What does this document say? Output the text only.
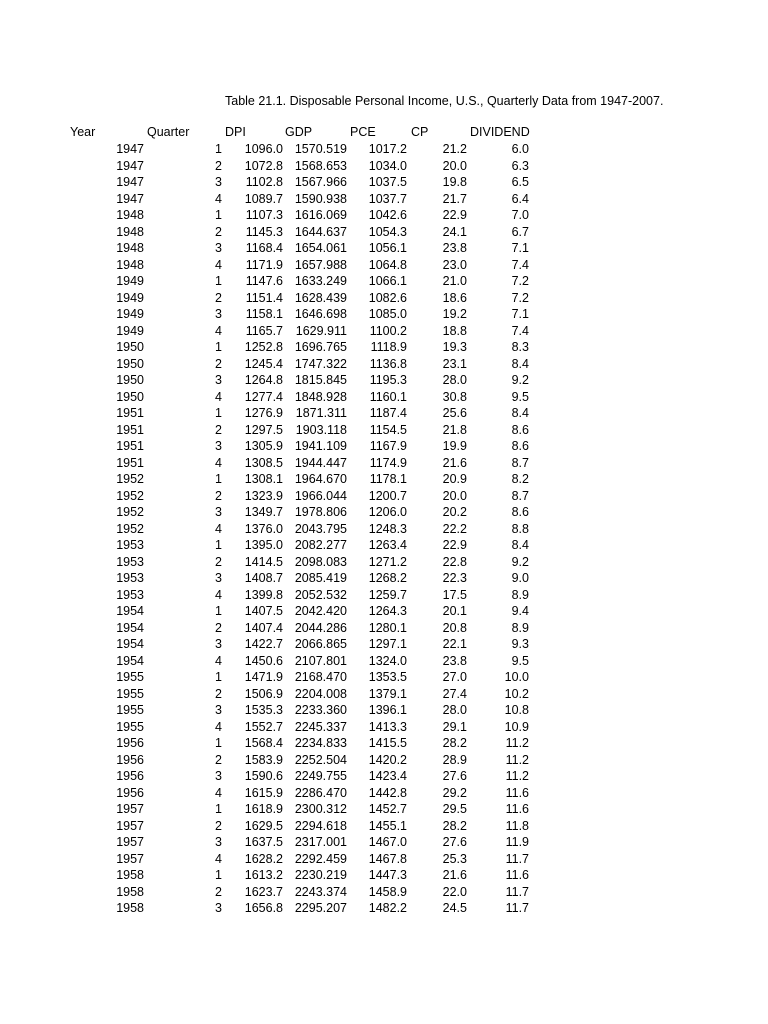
Table 21.1. Disposable Personal Income, U.S., Quarterly Data from 1947-2007.
Year	Quarter	DPI	GDP	PCE	CP	DIVIDEND
1947	1	1096.0 1570.519	1017.2	21.2	6.0
1947	2	1072.8 1568.653	1034.0	20.0	6.3
1947	3	1102.8 1567.966	1037.5	19.8	6.5
1947	4	1089.7 1590.938	1037.7	21.7	6.4
1948	1	1107.3 1616.069	1042.6	22.9	7.0
1948	2	1145.3 1644.637	1054.3	24.1	6.7
1948	3	1168.4 1654.061	1056.1	23.8	7.1
1948	4	1171.9 1657.988	1064.8	23.0	7.4
1949	1	1147.6 1633.249	1066.1	21.0	7.2
1949	2	1151.4 1628.439	1082.6	18.6	7.2
1949	3	1158.1 1646.698	1085.0	19.2	7.1
1949	4	1165.7	1629.911	1100.2	18.8	7.4
1950	1	1252.8 1696.765	1118.9	19.3	8.3
1950	2	1245.4 1747.322	1136.8	23.1	8.4
1950	3	1264.8 1815.845	1195.3	28.0	9.2
1950	4	1277.4 1848.928	1160.1	30.8	9.5
1951	1	1276.9	1871.311	1187.4	25.6	8.4
1951	2	1297.5	1903.118	1154.5	21.8	8.6
1951	3	1305.9 1941.109	1167.9	19.9	8.6
1951	4	1308.5 1944.447	1174.9	21.6	8.7
1952	1	1308.1 1964.670	1178.1	20.9	8.2
1952	2	1323.9 1966.044	1200.7	20.0	8.7
1952	3	1349.7 1978.806	1206.0	20.2	8.6
1952	4	1376.0 2043.795	1248.3	22.2	8.8
1953	1	1395.0 2082.277	1263.4	22.9	8.4
1953	2	1414.5 2098.083	1271.2	22.8	9.2
1953	3	1408.7 2085.419	1268.2	22.3	9.0
1953	4	1399.8 2052.532	1259.7	17.5	8.9
1954	1	1407.5 2042.420	1264.3	20.1	9.4
1954	2	1407.4 2044.286	1280.1	20.8	8.9
1954	3	1422.7 2066.865	1297.1	22.1	9.3
1954	4	1450.6 2107.801	1324.0	23.8	9.5
1955	1	1471.9 2168.470	1353.5	27.0	10.0
1955	2	1506.9 2204.008	1379.1	27.4	10.2
1955	3	1535.3 2233.360	1396.1	28.0	10.8
1955	4	1552.7 2245.337	1413.3	29.1	10.9
1956	1	1568.4 2234.833	1415.5	28.2	11.2
1956	2	1583.9 2252.504	1420.2	28.9	11.2
1956	3	1590.6 2249.755	1423.4	27.6	11.2
1956	4	1615.9 2286.470	1442.8	29.2	11.6
1957	1	1618.9 2300.312	1452.7	29.5	11.6
1957	2	1629.5 2294.618	1455.1	28.2	11.8
1957	3	1637.5 2317.001	1467.0	27.6	11.9
1957	4	1628.2 2292.459	1467.8	25.3	11.7
1958	1	1613.2 2230.219	1447.3	21.6	11.6
1958	2	1623.7 2243.374	1458.9	22.0	11.7
1958	3	1656.8 2295.207	1482.2	24.5	11.7
